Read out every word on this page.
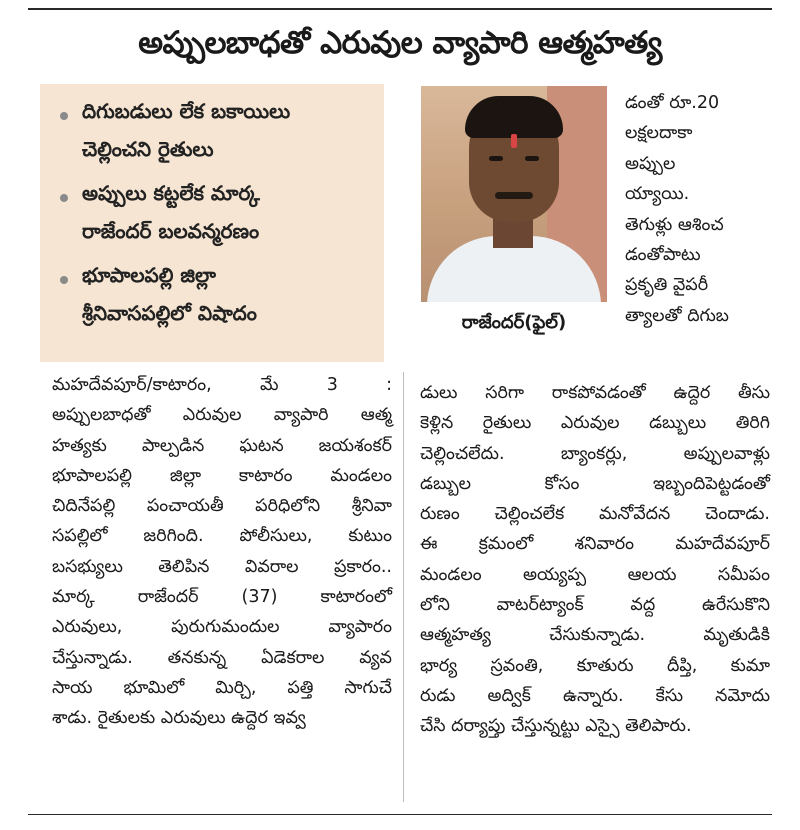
అప్పులబాధతో ఎరువుల వ్యాపారి ఆత్మహత్య
దిగుబడులు లేక బకాయిలు
చెల్లించని రైతులు
అప్పులు కట్టలేక మార్క
రాజేందర్ బలవన్మరణం
భూపాలపల్లి జిల్లా
శ్రీనివాసపల్లిలో విషాదం	రాజేందర్(ఫైల్)
డంతో రూ.20
లక్షలదాకా
అప్పుల
య్యాయి.
తెగుళ్లు ఆశించ
డంతోపాటు
ప్రకృతి వైపరీ
త్యాలతో దిగుబ
మహదేవపూర్/కాటారం, మే 3 :
అప్పులబాధతో ఎరువుల వ్యాపారి ఆత్మ
హత్యకు పాల్పడిన ఘటన జయశంకర్
భూపాలపల్లి జిల్లా కాటారం మండలం
చిదినేపల్లి పంచాయతీ పరిధిలోని శ్రీనివా
సపల్లిలో జరిగింది. పోలీసులు, కుటుం
బసభ్యులు తెలిపిన వివరాల ప్రకారం..
మార్క రాజేందర్ (37) కాటారంలో
ఎరువులు, పురుగుమందుల వ్యాపారం
చేస్తున్నాడు. తనకున్న ఏడెకరాల వ్యవ
సాయ భూమిలో మిర్చి, పత్తి సాగుచే
శాడు. రైతులకు ఎరువులు ఉద్దెర ఇవ్వ
డులు సరిగా రాకపోవడంతో ఉద్దెర తీసు
కెళ్లిన రైతులు ఎరువుల డబ్బులు తిరిగి
చెల్లించలేదు. బ్యాంకర్లు, అప్పులవాళ్లు
డబ్బుల కోసం ఇబ్బందిపెట్టడంతో
రుణం చెల్లించలేక మనోవేదన చెందాడు.
ఈ క్రమంలో శనివారం మహదేవపూర్
మండలం అయ్యప్ప ఆలయ సమీపం
లోని వాటర్‌ట్యాంక్ వద్ద ఉరేసుకొని
ఆత్మహత్య చేసుకున్నాడు. మృతుడికి
భార్య స్రవంతి, కూతురు దీప్తి, కుమా
రుడు అద్విక్ ఉన్నారు. కేసు నమోదు
చేసి దర్యాప్తు చేస్తున్నట్టు ఎస్సై తెలిపారు.
